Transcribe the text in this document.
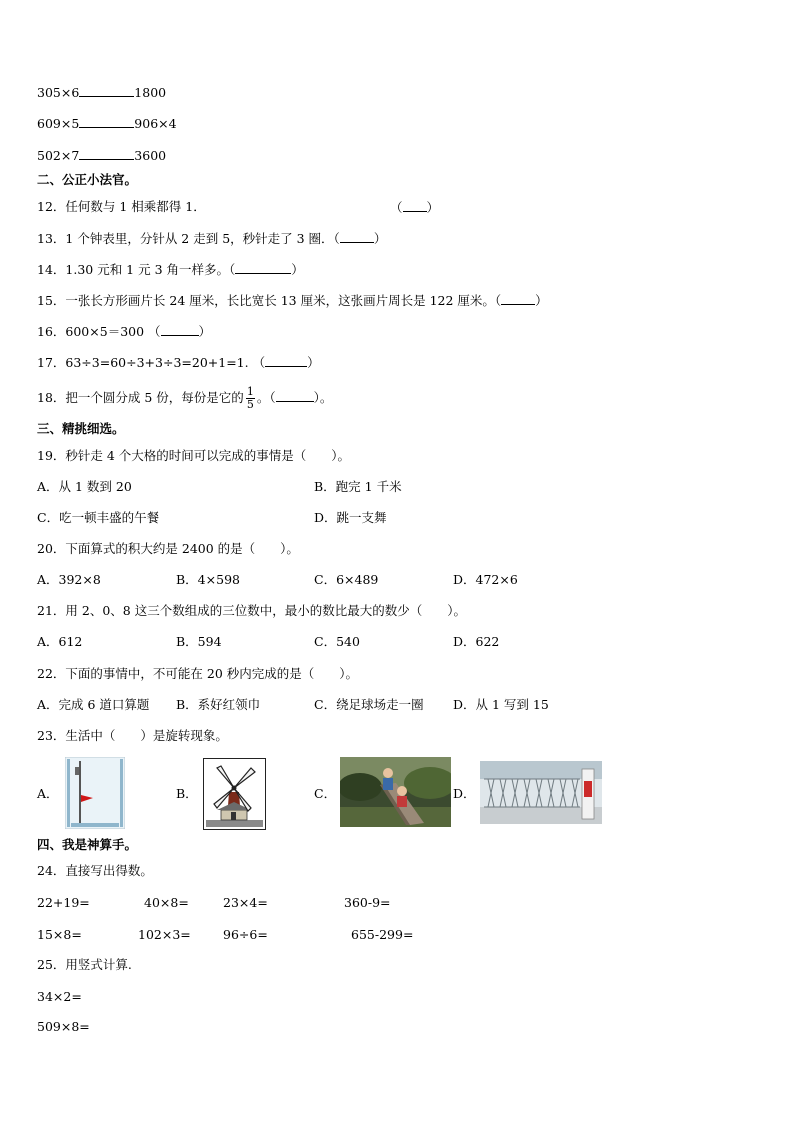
305×6	1800
609×5	906×4
502×7	3600
二、公正小法官。
12．任何数与 1 相乘都得 1．	（ ）
13．1 个钟表里，分针从 2 走到 5，秒针走了 3 圈．（	）
14．1.30 元和 1 元 3 角一样多。（	）
15．一张长方形画片长 24 厘米，长比宽长 13 厘米，这张画片周长是 122 厘米。（	）
16．600×5＝300 （	）
17．63÷3=60÷3+3÷3=20+1=1. （	）
18．把一个圆分成 5 份，每份是它的 $\frac{1}{5}$ 。（	）。
三、精挑细选。
19．秒针走 4 个大格的时间可以完成的事情是（　　）。
A．从 1 数到 20	B．跑完 1 千米
C．吃一顿丰盛的午餐	D．跳一支舞
20．下面算式的积大约是 2400 的是（　　）。
A．392×8	B．4×598	C．6×489	D．472×6
21．用 2、0、8 这三个数组成的三位数中，最小的数比最大的数少（　　）。
A．612	B．594	C．540	D．622
22．下面的事情中，不可能在 20 秒内完成的是（　　）。
A．完成 6 道口算题 B．系好红领巾	C．绕足球场走一圈 D．从 1 写到 15
23．生活中（　　）是旋转现象。
A．	B．	C．	D．
四、我是神算手。
24．直接写出得数。
22+19=	40×8=	23×4=	360-9=
15×8=	102×3=	96÷6=	655-299=
25．用竖式计算.
34×2=
509×8=
